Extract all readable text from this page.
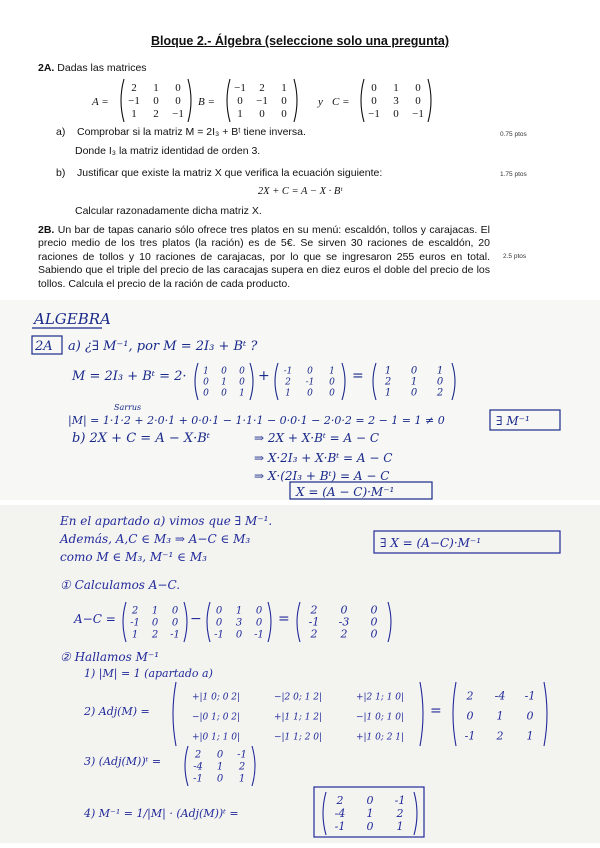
Bloque 2.- Álgebra (seleccione solo una pregunta)
2A. Dadas las matrices
A =
2 1 0
−1 0 0
1 2 −1
B =
−1 2 1
0 −1 0
1 0 0
y C =
0 1 0
0 3 0
−1 0 −1
a) Comprobar si la matriz M = 2I₃ + Bᵗ tiene inversa.	0.75 ptos
Donde I₃ la matriz identidad de orden 3.
b) Justificar que existe la matriz X que verifica la ecuación siguiente:	1.75 ptos
2X + C = A − X · Bᵗ
Calcular razonadamente dicha matriz X.
2B. Un bar de tapas canario sólo ofrece tres platos en su menú: escaldón, tollos y carajacas. El precio medio de los tres platos (la ración) es de 5€. Se sirven 30 raciones de escaldón, 20 raciones de tollos y 10 raciones de carajacas, por lo que se ingresaron 255 euros en total. Sabiendo que el triple del precio de las caracajas supera en diez euros el doble del precio de los tollos. Calcula el precio de la ración de cada producto.
2.5 ptos
ALGEBRA
2A a) ¿∃ M⁻¹, por M = 2I₃ + Bᵗ ?
M = 2I₃ + Bᵗ = 2· 1 0 0
0 1 0
0 0 1
+ -1 0 1
2 -1 0
1 0 0
= 1 0 1
2 1 0
1 0 2
Sarrus
|M| = 1·1·2 + 2·0·1 + 0·0·1 − 1·1·1 − 0·0·1 − 2·0·2 = 2 − 1 = 1 ≠ 0	∃ M⁻¹
b) 2X + C = A − X·Bᵗ	⇒ 2X + X·Bᵗ = A − C
⇒ X·2I₃ + X·Bᵗ = A − C
⇒ X·(2I₃ + Bᵗ) = A − C
X = (A − C)·M⁻¹
En el apartado a) vimos que ∃ M⁻¹.
Además, A,C ∈ M₃ ⇒ A−C ∈ M₃
como M ∈ M₃, M⁻¹ ∈ M₃
∃ X = (A−C)·M⁻¹
① Calculamos A−C.
A−C =
2 1 0
-1 0 0
1 2 -1
−
0 1 0
0 3 0
-1 0 -1
=
2 0 0
-1 -3 0
2 2 0
② Hallamos M⁻¹
1) |M| = 1 (apartado a)
2) Adj(M) =
+|1 0; 0 2|	−|2 0; 1 2|	+|2 1; 1 0|
−|0 1; 0 2|	+|1 1; 1 2|	−|1 0; 1 0|
+|0 1; 1 0|	−|1 1; 2 0|	+|1 0; 2 1|
=
2 -4 -1
0 1 0
-1 2 1
3) (Adj(M))ᵗ =
2 0 -1
-4 1 2
-1 0 1
4) M⁻¹ = 1/|M| · (Adj(M))ᵗ =
2 0 -1
-4 1 2
-1 0 1
